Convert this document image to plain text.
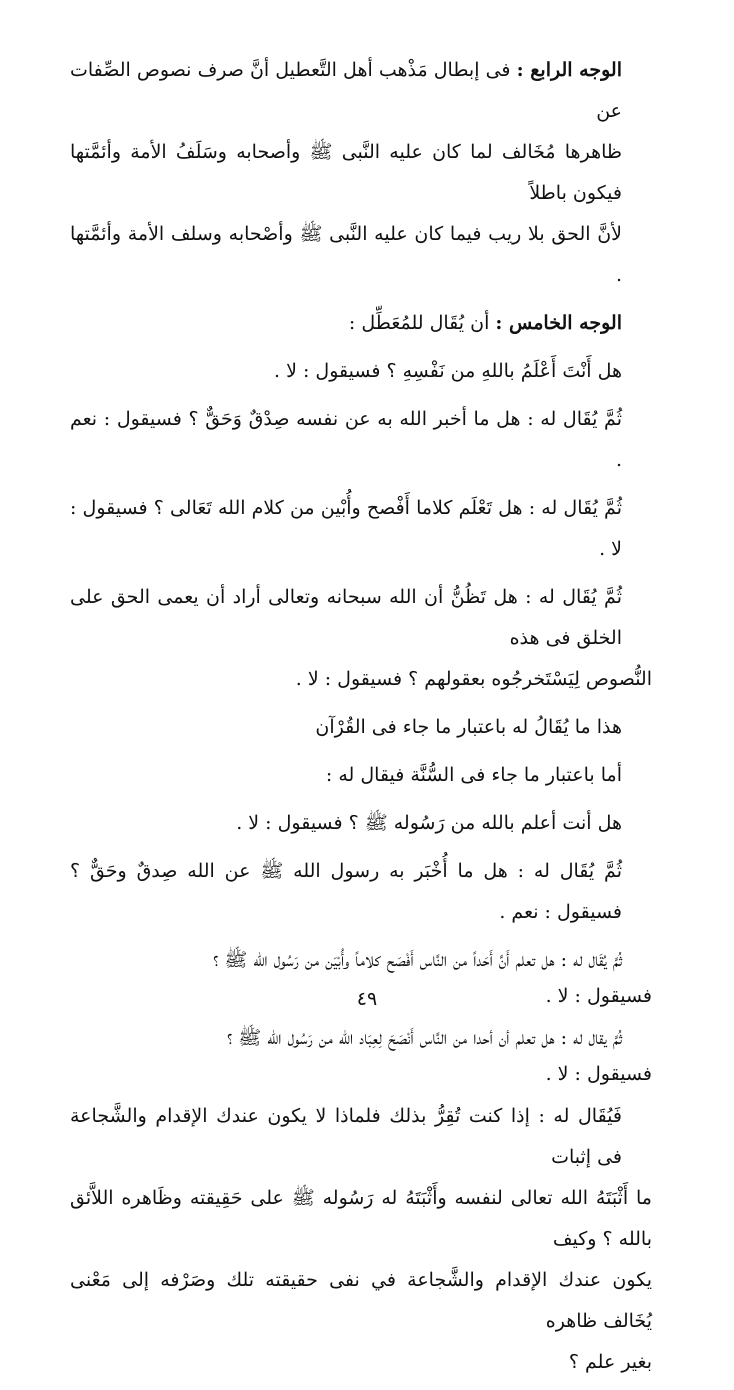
الوجه الرابع : فى إبطال مَذْهب أهل التَّعطيل أنَّ صرف نصوص الصِّفات عن
ظاهرها مُخَالف لما كان عليه النَّبى ﷺ وأصحابه وسَلَفُ الأمة وأئمَّتها فيكون باطلاً
لأنَّ الحق بلا ريب فيما كان عليه النَّبى ﷺ وأصْحابه وسلف الأمة وأئمَّتها .

الوجه الخامس : أن يُقَال للمُعَطِّل :

هل أَنْتَ أَعْلَمُ باللهِ من نَفْسِهِ ؟ فسيقول : لا .

ثُمَّ يُقَال له : هل ما أخبر الله به عن نفسه صِدْقٌ وَحَقٌّ ؟ فسيقول : نعم .

ثُمَّ يُقَال له : هل تَعْلَم كلاما أَفْصح وأُبْين من كلام الله تَعَالى ؟ فسيقول : لا .

ثُمَّ يُقَال له : هل تَظُنُّ أن الله سبحانه وتعالى أراد أن يعمى الحق على الخلق فى هذه
النُّصوص لِيَسْتَخرجُوه بعقولهم ؟ فسيقول : لا .

هذا ما يُقَالُ له باعتبار ما جاء فى القُرْآن

أما باعتبار ما جاء فى السُّنَّة فيقال له :

هل أنت أعلم بالله من رَسُوله ﷺ ؟ فسيقول : لا .

ثُمَّ يُقَال له : هل ما أُخْبَر به رسول الله ﷺ عن الله صِدقٌ وحَقٌّ ؟ فسيقول : نعم .

ثُمَّ يُقَال له : هل تعلم أَنَّ أَحَداً من النَّاس أَفْصَح كلاماً وأُبْيَن من رَسُول الله ﷺ ؟
فسيقول : لا .

ثُمَّ يقال له : هل تعلم أن أحدا من النَّاس أَنْصَحَ لِعِبَاد الله من رَسُول الله ﷺ ؟
فسيقول : لا .

فَيُقَال له : إذا كنت تُقِرُّ بذلك فلماذا لا يكون عندك الإقدام والشَّجاعة فى إثبات
ما أَثْبَتَهُ الله تعالى لنفسه وأَثْبَتَهُ له رَسُوله ﷺ على حَقِيقته وظَاهره اللاَّئق بالله ؟ وكيف
يكون عندك الإقدام والشَّجاعة في نفى حقيقته تلك وصَرْفه إلى مَعْنى يُخَالف ظاهره
بغير علم ؟

٤٩
